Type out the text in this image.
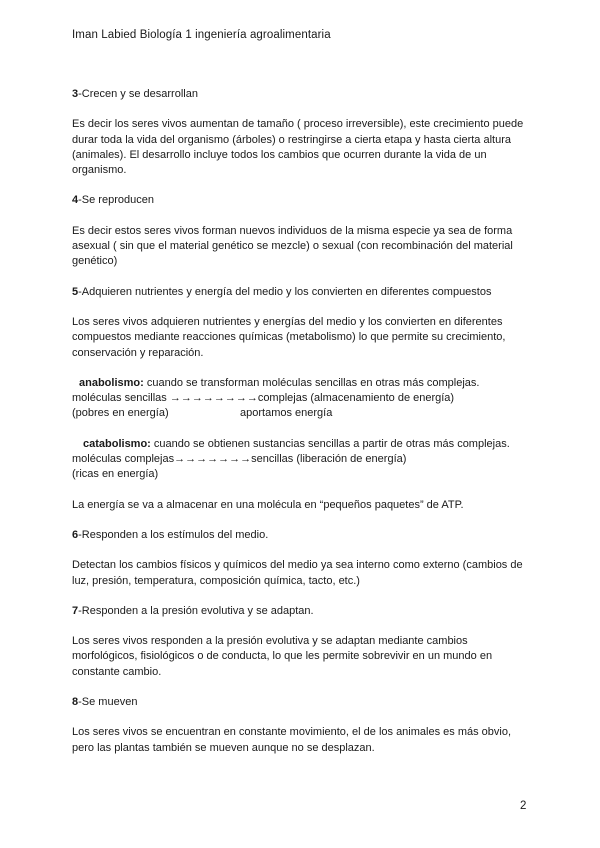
Iman Labied Biología 1 ingeniería agroalimentaria
3-Crecen y se desarrollan

Es decir los seres vivos aumentan de tamaño ( proceso irreversible), este crecimiento puede durar toda la vida del organismo (árboles) o restringirse a cierta etapa y hasta cierta altura (animales). El desarrollo incluye todos los cambios que ocurren durante la vida de un organismo.

4-Se reproducen

Es decir estos seres vivos forman nuevos individuos de la misma especie ya sea de forma asexual ( sin que el material genético se mezcle) o sexual (con recombinación del material genético)

5-Adquieren nutrientes y energía del medio y los convierten en diferentes compuestos

Los seres vivos adquieren nutrientes y energías del medio y los convierten en diferentes compuestos mediante reacciones químicas (metabolismo) lo que permite su crecimiento, conservación y reparación.

anabolismo: cuando se transforman moléculas sencillas en otras más complejas.
moléculas sencillas →→→→→→→→complejas (almacenamiento de energía)
(pobres en energía)	aportamos energía
catabolismo: cuando se obtienen sustancias sencillas a partir de otras más complejas.
moléculas complejas→→→→→→→sencillas (liberación de energía)
(ricas en energía)

La energía se va a almacenar en una molécula en “pequeños paquetes” de ATP.

6-Responden a los estímulos del medio.

Detectan los cambios físicos y químicos del medio ya sea interno como externo (cambios de luz, presión, temperatura, composición química, tacto, etc.)

7-Responden a la presión evolutiva y se adaptan.

Los seres vivos responden a la presión evolutiva y se adaptan mediante cambios morfológicos, fisiológicos o de conducta, lo que les permite sobrevivir en un mundo en constante cambio.

8-Se mueven

Los seres vivos se encuentran en constante movimiento, el de los animales es más obvio, pero las plantas también se mueven aunque no se desplazan.

2
